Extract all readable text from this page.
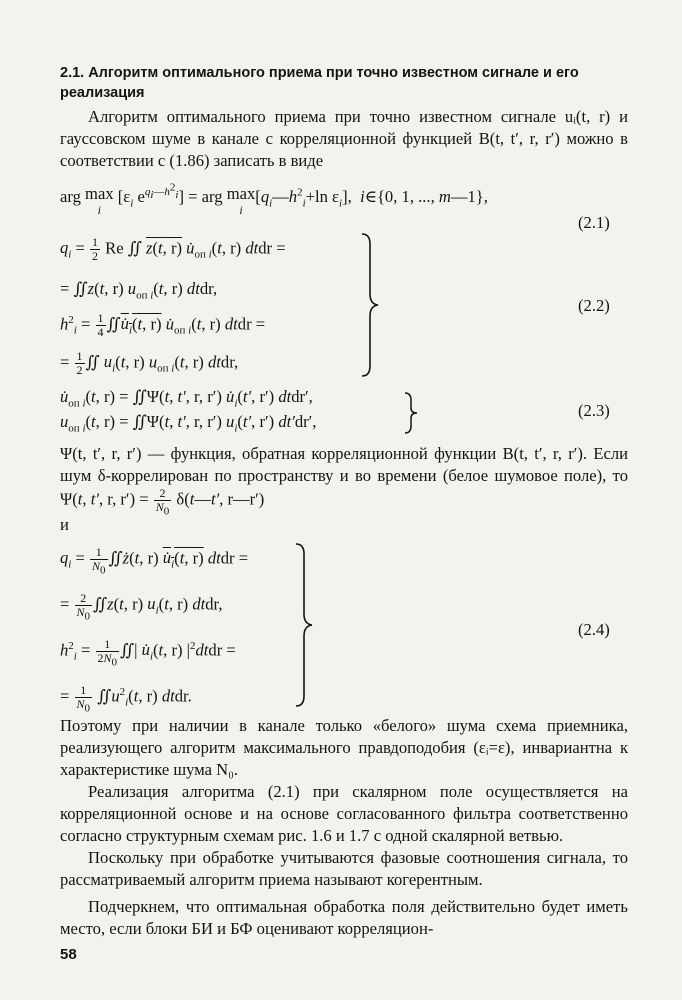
2.1. Алгоритм оптимального приема при точно известном сигнале и его реализация
Алгоритм оптимального приема при точно известном сигнале uᵢ(t, r) и гауссовском шуме в канале с корреляционной функцией B(t, t′, r, r′) можно в соответствии с (1.86) записать в виде
arg max
i [$\varepsilon_i$ $e^{q_i—h^2_i}$] = arg max
$i[q_i—h^2_i+\ln$ $\varepsilon_i$],  i∈{0, 1, ..., m—1},
(2.1)
$q_i = \frac{1}{2}$ Re ∬ z(t, r) $u̇_{оп i}(t$, r) dtdr =
= ∬z(t, r) $u_{оп i}(t$, r) dtdr,
$h^2_i = \frac{1}{4}$ $∬u̇_i(t$, r) $u̇_{оп i}(t$, r) dtdr =
= $\frac{1}{2}$ ∬ $u_i(t$, r) $u_{оп i}(t$, r) dtdr,
(2.2)
$u̇_{оп i}(t$, r) = ∬Ψ(t, t′, r, r′) $u̇_i(t'$, r′) dtdr′,
$u_{оп i}(t$, r) = ∬Ψ(t, t′, r, r′) $u_i(t'$, r′) dt′dr′,
(2.3)
Ψ(t, t′, r, r′) — функция, обратная корреляционной функции B(t, t′, r, r′). Если шум δ-коррелирован по пространству и во времени (белое шумовое поле), то Ψ(t, t′, r, $r') = \frac{2}{N_0}$ δ(t—t′, r—r′)
и
$q_i = \frac{1}{N_0}$ ∬ż(t, r) $u̇_i(t$, r) dtdr =
= $\frac{2}{N_0}$ ∬z(t, r) $u_i(t$, r) dtdr,
$h^2_i = \frac{1}{2N_0}$ ∬| $u̇_i(t$, r) $|^2dtdr$ =
= $\frac{1}{N_0}$ $∬u^2_i(t$, r) dtdr.
(2.4)
Поэтому при наличии в канале только «белого» шума схема приемника, реализующего алгоритм максимального правдоподобия (εᵢ=ε), инвариантна к характеристике шума N₀.
Реализация алгоритма (2.1) при скалярном поле осуществляется на корреляционной основе и на основе согласованного фильтра соответственно согласно структурным схемам рис. 1.6 и 1.7 с одной скалярной ветвью.
Поскольку при обработке учитываются фазовые соотношения сигнала, то рассматриваемый алгоритм приема называют когерентным.
Подчеркнем, что оптимальная обработка поля действительно будет иметь место, если блоки БИ и БФ оценивают корреляцион-
58
